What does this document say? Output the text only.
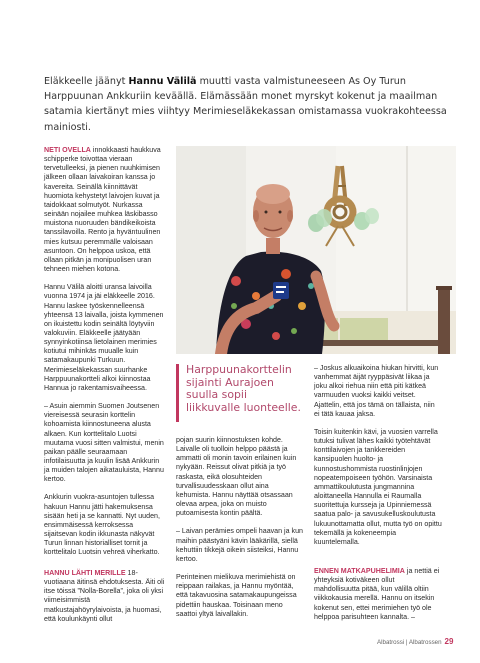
Eläkkeelle jäänyt Hannu Välilä muutti vasta valmistuneeseen As Oy Turun Harppuunan Ankkuriin keväällä. Elämässään monet myrskyt kokenut ja maailman satamia kiertänyt mies viihtyy Merimieseläkekassan omistamassa vuokrakohteessa mainiosti.

NETI OVELLA innokkaasti haukkuva schipperke toivottaa vieraan tervetulleeksi, ja pienen nuuhkimisen jälkeen ollaan laivakoiran kanssa jo kavereita. Seinällä kiinnittävät huomiota kehystetyt laivojen kuvat ja taidokkaat solmutyöt. Nurkassa seinään nojailee muhkea läskibasso muistona nuoruuden bändikeikoista tanssilavoilla. Rento ja hyväntuulinen mies kutsuu peremmälle valoisaan asuntoon. On helppoa uskoa, että ollaan pitkän ja monipuolisen uran tehneen miehen kotona.

Hannu Välilä aloitti uransa laivoilla vuonna 1974 ja jäi eläkkeelle 2016. Hannu laskee työskennelleensä yhteensä 13 laivalla, joista kymmenen on ikuistettu kodin seinältä löytyviin valokuviin. Eläkkeelle jäätyään synnyinkotiinsa lietolainen merimies kotiutui mihinkäs muualle kuin satamakaupunki Turkuun. Merimieseläkekassan suurhanke Harppuunakortteli alkoi kiinnostaa Hannua jo rakentamisvaiheessa.

– Asuin aiemmin Suomen Joutsenen viereisessä seurasin korttelin kohoamista kiinnostuneena alusta alkaen. Kun korttelitalo Luotsi muutama vuosi sitten valmistui, menin paikan päälle seuraamaan infotilaisuutta ja kuulin lisää Ankkurin ja muiden talojen aikatauluista, Hannu kertoo.

Ankkurin vuokra-asuntojen tullessa hakuun Hannu jätti hakemuksensa sisään heti ja se kannatti. Nyt uuden, ensimmäisessä kerroksessa sijaitsevan kodin ikkunasta näkyvät Turun linnan historialliset tornit ja korttelitalo Luotsin vehreä viherkatto.

HANNU LÄHTI MERILLE 18-vuotiaana äitinsä ehdotuksesta. Äiti oli itse töissä ”Nolla-Borella”, joka oli yksi viimeisimmistä matkustajahöyrylaivoista, ja huomasi, että koulunkäynti ollut

Harppuunakorttelin sijainti Aurajoen suulla sopii liikkuvalle luonteelle.

pojan suurin kiinnostuksen kohde. Laivalle oli tuolloin helppo päästä ja ammatti oli monin tavoin erilainen kuin nykyään. Reissut olivat pitkiä ja työ raskasta, eikä olosuhteiden turvallisuudesskaan ollut aina kehumista. Hannu näyttää otsassaan olevaa arpea, joka on muisto putoamisesta kontin päältä.

– Laivan perämies ompeli haavan ja kun maihin päästyäni kävin lääkärillä, siellä kehuttiin tikkejä oikein siisteiksi, Hannu kertoo.

Perinteinen mielikuva merimiehistä on reippaan railakas, ja Hannu myöntää, että takavuosina satamakaupungeissa pidettiin hauskaa. Toisinaan meno saattoi yltyä laivallakin.

– Joskus alkuaikoina hiukan hirvitti, kun vanhemmat äijät ryyppäsivät liikaa ja joku alkoi riehua niin että piti kätkeä varmuuden vuoksi kaikki veitset. Ajattelin, että jos tämä on tällaista, niin ei tätä kauaa jaksa.

Toisin kuitenkin kävi, ja vuosien varrella tutuksi tulivat lähes kaikki työtehtävät konttilaivojen ja tankkereiden kansipuolen huolto- ja kunnostushommista ruostinlinjojen nopeatempoiseen työhön. Varsinaista ammattikoulutusta jungmannina aloittaneella Hannulla ei Raumalla suoritettuja kurssejа ja Upinniemessä saatua palo- ja savusukelluskoulutusta lukuunottamatta ollut, mutta työ on opittu tekemällä ja kokeneempia kuuntelemalla.

ENNEN MATKAPUHELIMIA ja nettiä ei yhteyksiä kotiväkeen ollut mahdollisuutta pitää, kun välillä oltiin viikkokausia merellä. Hannu on itsekin kokenut sen, ettei merimiehen työ ole helppoa parisuhteen kannalta. –

Albatrossi | Albatrossen 29
